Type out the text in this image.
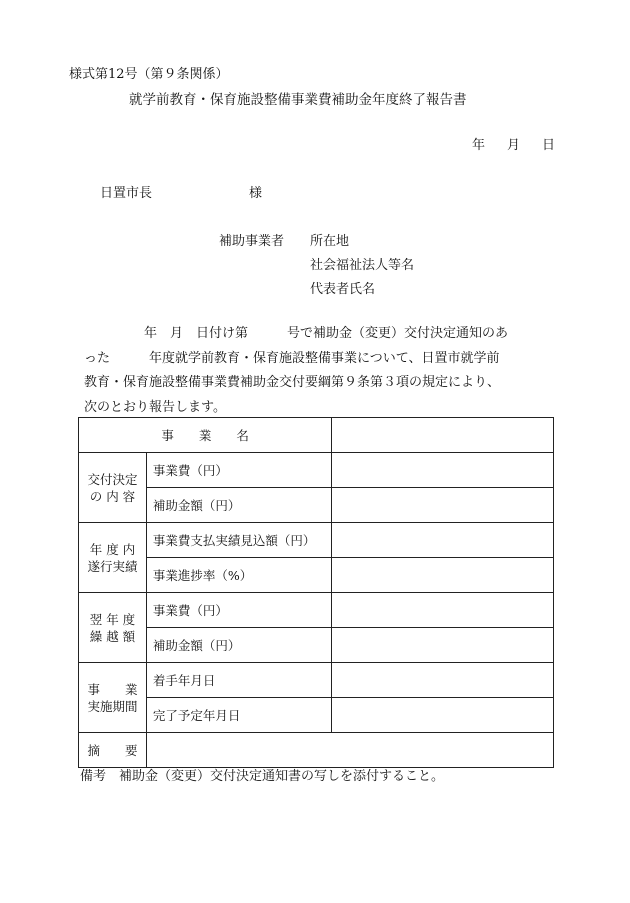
様式第12号（第９条関係）
就学前教育・保育施設整備事業費補助金年度終了報告書
年 月 日
日置市長	様
補助事業者 所在地
社会福祉法人等名
代表者氏名
年　月　日付け第　　　号で補助金（変更）交付決定通知のあ
った　　　年度就学前教育・保育施設整備事業について、日置市就学前
教育・保育施設整備事業費補助金交付要綱第９条第３項の規定により、
次のとおり報告します。
事　　業　　名		
交付決定
の 内 容	事業費（円）	
	補助金額（円）	
年 度 内
遂行実績	事業費支払実績見込額（円）	
	事業進捗率（%）	
翌 年 度
繰 越 額	事業費（円）	
	補助金額（円）	
事　　業
実施期間	着手年月日	
	完了予定年月日	
摘　　要		
備考　補助金（変更）交付決定通知書の写しを添付すること。
